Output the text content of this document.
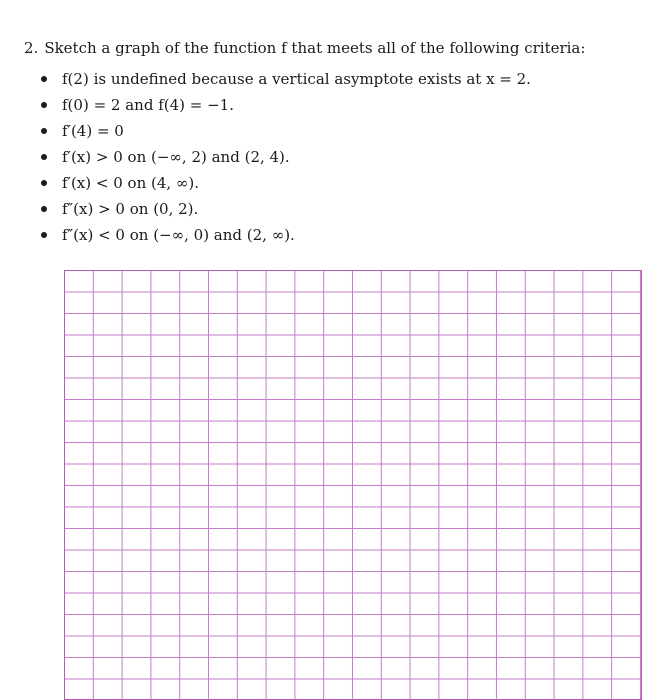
2. Sketch a graph of the function f that meets all of the following criteria:

f(2) is undefined because a vertical asymptote exists at x = 2.
f(0) = 2 and f(4) = −1.
f′(4) = 0
f′(x) > 0 on (−∞, 2) and (2, 4).
f′(x) < 0 on (4, ∞).
f″(x) > 0 on (0, 2).
f″(x) < 0 on (−∞, 0) and (2, ∞).
